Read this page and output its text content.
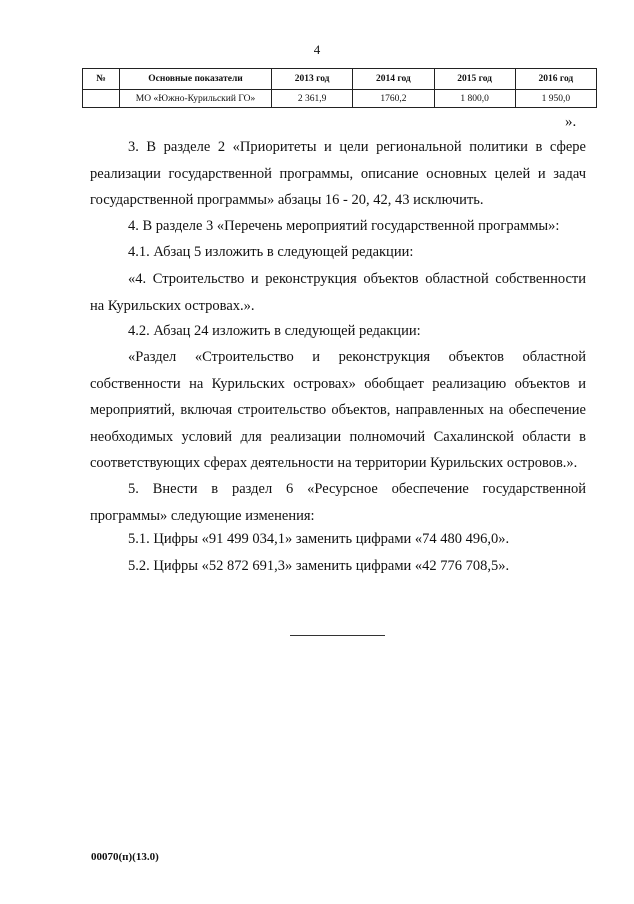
4
№	Основные показатели	2013 год	2014 год	2015 год	2016 год
	МО «Южно-Курильский ГО»	2 361,9	1760,2	1 800,0	1 950,0
».
3. В разделе 2 «Приоритеты и цели региональной политики в сфере реализации государственной программы, описание основных целей и задач государственной программы» абзацы 16 - 20, 42, 43 исключить.
4. В разделе 3 «Перечень мероприятий государственной программы»:
4.1. Абзац 5 изложить в следующей редакции:
«4. Строительство и реконструкция объектов областной собственности на Курильских островах.».
4.2. Абзац 24 изложить в следующей редакции:
«Раздел «Строительство и реконструкция объектов областной собственности на Курильских островах» обобщает реализацию объектов и мероприятий, включая строительство объектов, направленных на обеспечение необходимых условий для реализации полномочий Сахалинской области в соответствующих сферах деятельности на территории Курильских островов.».
5. Внести в раздел 6 «Ресурсное обеспечение государственной программы» следующие изменения:
5.1. Цифры «91 499 034,1» заменить цифрами «74 480 496,0».
5.2. Цифры «52 872 691,3» заменить цифрами «42 776 708,5».
00070(п)(13.0)
